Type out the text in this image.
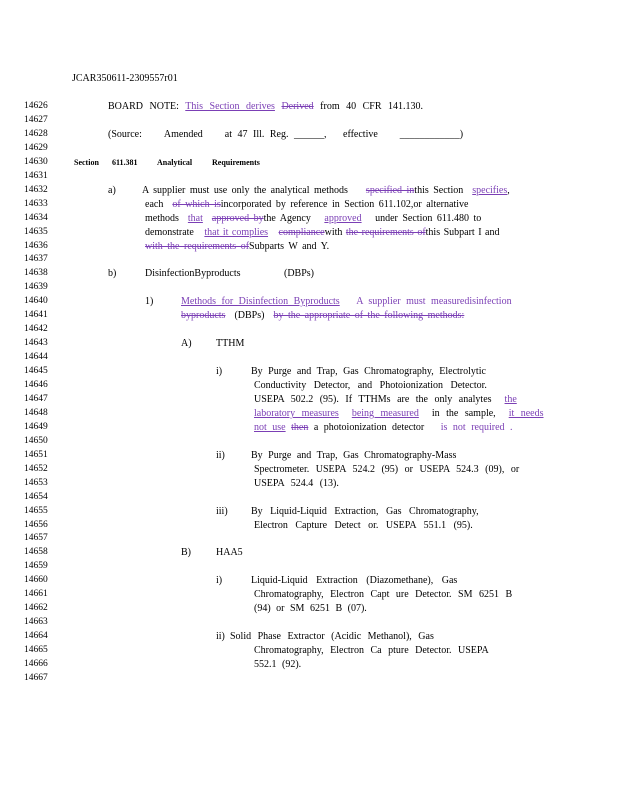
JCAR350611-2309557r01
14626
14627
14628
14629
14630
14631
14632
14633
14634
14635
14636
14637
14638
14639
14640
14641
14642
14643
14644
14645
14646
14647
14648
14649
14650
14651
14652
14653
14654
14655
14656
14657
14658
14659
14660
14661
14662
14663
14664
14665
14666
14667
BOARD NOTE: This Section derives Derived from 40 CFR 141.130.
(Source: Amended at 47 Ill. Reg. ______, effective ____________)
Section 611.381 Analytical Requirements
a)	A supplier must use only the analytical methods specified inthis Section specifies,
each of which isincorporated by reference in Section 611.102,or alternative
methods that approved bythe Agency approved under Section 611.480 to
demonstrate that it complies compliancewith the requirements ofthis Subpart I and
with the requirements ofSubparts W and Y.
b)	DisinfectionByproducts	(DBPs)
1)	Methods for Disinfection Byproducts A supplier must measuredisinfection
byproducts (DBPs) by the appropriate of the following methods:
A) TTHM
i)	By Purge and Trap, Gas Chromatography, Electrolytic
Conductivity Detector, and Photoionization Detector.
USEPA 502.2 (95). If TTHMs are the only analytes the
laboratory measures being measured in the sample, it needs
not use then a photoionization detector is not required .
ii)	By Purge and Trap, Gas Chromatography-Mass
Spectrometer. USEPA 524.2 (95) or USEPA 524.3 (09), or
USEPA 524.4 (13).
iii) By Liquid-Liquid Extraction, Gas Chromatography,
Electron Capture Detect or. USEPA 551.1 (95).
B)	HAA5
i)	Liquid-Liquid Extraction (Diazomethane), Gas
Chromatography, Electron Capt ure Detector. SM 6251 B
(94) or SM 6251 B (07).
ii) Solid Phase Extractor (Acidic Methanol), Gas
Chromatography, Electron Ca pture Detector. USEPA
552.1 (92).
